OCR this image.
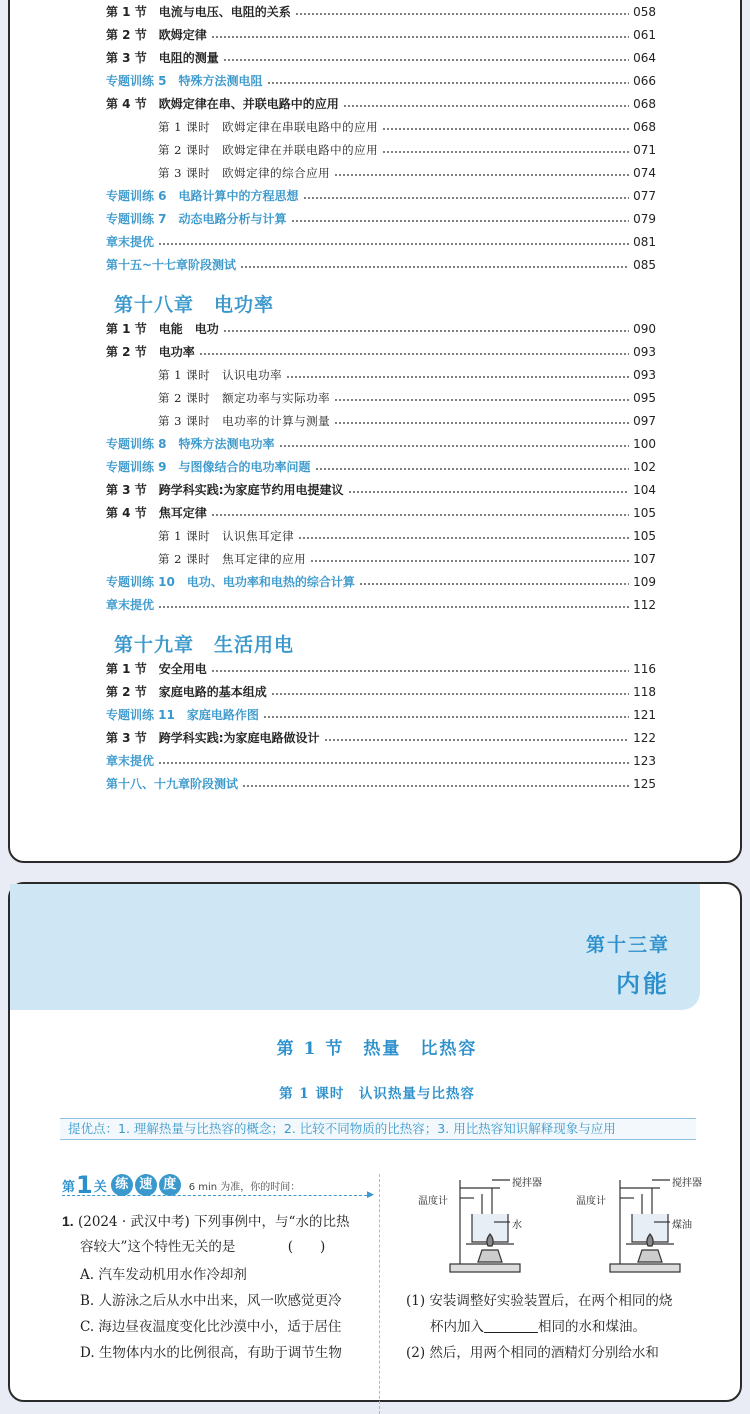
第 1 节　电流与电压、电阻的关系	058
第 2 节　欧姆定律	061
第 3 节　电阻的测量	064
专题训练 5　特殊方法测电阻	066
第 4 节　欧姆定律在串、并联电路中的应用	068
第 1 课时　欧姆定律在串联电路中的应用	068
第 2 课时　欧姆定律在并联电路中的应用	071
第 3 课时　欧姆定律的综合应用	074
专题训练 6　电路计算中的方程思想	077
专题训练 7　动态电路分析与计算	079
章末提优	081
第十五~十七章阶段测试	085
第 1 节　电能　电功	090
第 2 节　电功率	093
第 1 课时　认识电功率	093
第 2 课时　额定功率与实际功率	095
第 3 课时　电功率的计算与测量	097
专题训练 8　特殊方法测电功率	100
专题训练 9　与图像结合的电功率问题	102
第 3 节　跨学科实践:为家庭节约用电提建议	104
第 4 节　焦耳定律	105
第 1 课时　认识焦耳定律	105
第 2 课时　焦耳定律的应用	107
专题训练 10　电功、电功率和电热的综合计算	109
章末提优	112
第 1 节　安全用电	116
第 2 节　家庭电路的基本组成	118
专题训练 11　家庭电路作图	121
第 3 节　跨学科实践:为家庭电路做设计	122
章末提优	123
第十八、十九章阶段测试	125
第十八章　电功率
第十九章　生活用电
第十三章
内能
第 1 节　热量　比热容
第 1 课时　认识热量与比热容
提优点：1. 理解热量与比热容的概念；2. 比较不同物质的比热容；3. 用比热容知识解释现象与应用
第 1 关 练 速 度	6 min 为准，你的时间：
▶
1. (2024 · 武汉中考) 下列事例中，与“水的比热
容较大”这个特性无关的是	(　　)
A. 汽车发动机用水作冷却剂
B. 人游泳之后从水中出来，风一吹感觉更冷
C. 海边昼夜温度变化比沙漠中小，适于居住
D. 生物体内水的比例很高，有助于调节生物
搅拌器	搅拌器
温度计	温度计
水	煤油
(1) 安装调整好实验装置后，在两个相同的烧
杯内加入	相同的水和煤油。
(2) 然后，用两个相同的酒精灯分别给水和
